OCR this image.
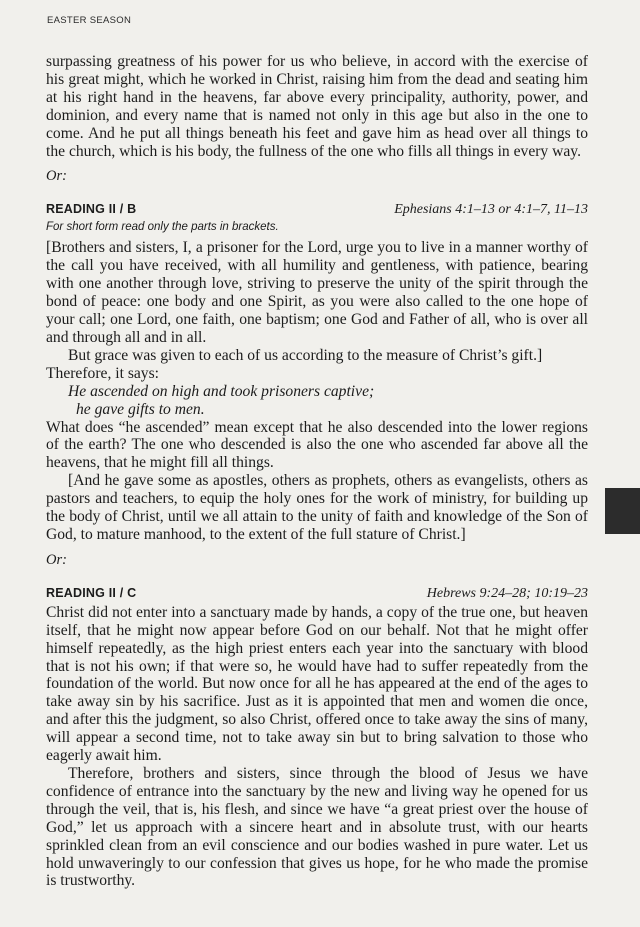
EASTER SEASON

surpassing greatness of his power for us who believe, in accord with the exercise of his great might, which he worked in Christ, raising him from the dead and seating him at his right hand in the heavens, far above every principality, authority, power, and dominion, and every name that is named not only in this age but also in the one to come. And he put all things beneath his feet and gave him as head over all things to the church, which is his body, the fullness of the one who fills all things in every way.

Or:

READING II / B	Ephesians 4:1–13 or 4:1–7, 11–13
For short form read only the parts in brackets.

[Brothers and sisters, I, a prisoner for the Lord, urge you to live in a manner worthy of the call you have received, with all humility and gentleness, with patience, bearing with one another through love, striving to preserve the unity of the spirit through the bond of peace: one body and one Spirit, as you were also called to the one hope of your call; one Lord, one faith, one baptism; one God and Father of all, who is over all and through all and in all.

But grace was given to each of us according to the measure of Christ’s gift.]

Therefore, it says:

He ascended on high and took prisoners captive;

he gave gifts to men.

What does “he ascended” mean except that he also descended into the lower regions of the earth? The one who descended is also the one who ascended far above all the heavens, that he might fill all things.

[And he gave some as apostles, others as prophets, others as evangelists, others as pastors and teachers, to equip the holy ones for the work of ministry, for building up the body of Christ, until we all attain to the unity of faith and knowledge of the Son of God, to mature manhood, to the extent of the full stature of Christ.]

Or:

READING II / C	Hebrews 9:24–28; 10:19–23

Christ did not enter into a sanctuary made by hands, a copy of the true one, but heaven itself, that he might now appear before God on our behalf. Not that he might offer himself repeatedly, as the high priest enters each year into the sanctuary with blood that is not his own; if that were so, he would have had to suffer repeatedly from the foundation of the world. But now once for all he has appeared at the end of the ages to take away sin by his sacrifice. Just as it is appointed that men and women die once, and after this the judgment, so also Christ, offered once to take away the sins of many, will appear a second time, not to take away sin but to bring salvation to those who eagerly await him.

Therefore, brothers and sisters, since through the blood of Jesus we have confidence of entrance into the sanctuary by the new and living way he opened for us through the veil, that is, his flesh, and since we have “a great priest over the house of God,” let us approach with a sincere heart and in absolute trust, with our hearts sprinkled clean from an evil conscience and our bodies washed in pure water. Let us hold unwaveringly to our confession that gives us hope, for he who made the promise is trustworthy.
